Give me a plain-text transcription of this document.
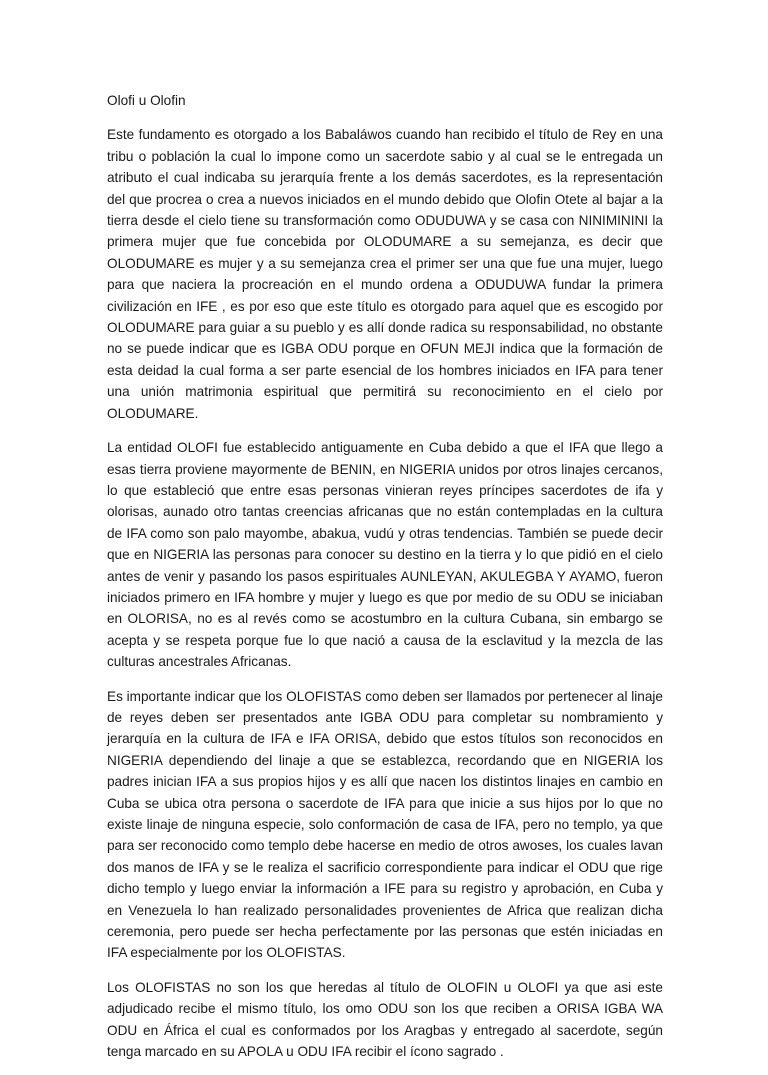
Olofi u Olofin

Este fundamento es otorgado a los Babaláwos cuando han recibido el título de Rey en una tribu o población la cual lo impone como un sacerdote sabio y al cual se le entregada un atributo el cual indicaba su jerarquía frente a los demás sacerdotes, es la representación del que procrea o crea a nuevos iniciados en el mundo debido que Olofin Otete al bajar a la tierra desde el cielo tiene su transformación como ODUDUWA y se casa con NINIMININI la primera mujer que fue concebida por OLODUMARE a su semejanza, es decir que OLODUMARE es mujer y a su semejanza crea el primer ser una que fue una mujer, luego para que naciera la procreación en el mundo ordena a ODUDUWA fundar la primera civilización en IFE , es por eso que este título es otorgado para aquel que es escogido por OLODUMARE para guiar a su pueblo y es allí donde radica su responsabilidad, no obstante no se puede indicar que es IGBA ODU porque en OFUN MEJI indica que la formación de esta deidad la cual forma a ser parte esencial de los hombres iniciados en IFA para tener una unión matrimonia espiritual que permitirá su reconocimiento en el cielo por OLODUMARE.

La entidad OLOFI fue establecido antiguamente en Cuba debido a que el IFA que llego a esas tierra proviene mayormente de BENIN, en NIGERIA unidos por otros linajes cercanos, lo que estableció que entre esas personas vinieran reyes príncipes sacerdotes de ifa y olorisas, aunado otro tantas creencias africanas que no están contempladas en la cultura de IFA como son palo mayombe, abakua, vudú y otras tendencias. También se puede decir que en NIGERIA las personas para conocer su destino en la tierra y lo que pidió en el cielo antes de venir y pasando los pasos espirituales AUNLEYAN, AKULEGBA Y AYAMO, fueron iniciados primero en IFA hombre y mujer y luego es que por medio de su ODU se iniciaban en OLORISA, no es al revés como se acostumbro en la cultura Cubana, sin embargo se acepta y se respeta porque fue lo que nació a causa de la esclavitud y la mezcla de las culturas ancestrales Africanas.

Es importante indicar que los OLOFISTAS como deben ser llamados por pertenecer al linaje de reyes deben ser presentados ante IGBA ODU para completar su nombramiento y jerarquía en la cultura de IFA e IFA ORISA, debido que estos títulos son reconocidos en NIGERIA dependiendo del linaje a que se establezca, recordando que en NIGERIA los padres inician IFA a sus propios hijos y es allí que nacen los distintos linajes en cambio en Cuba se ubica otra persona o sacerdote de IFA para que inicie a sus hijos por lo que no existe linaje de ninguna especie, solo conformación de casa de IFA, pero no templo, ya que para ser reconocido como templo debe hacerse en medio de otros awoses, los cuales lavan dos manos de IFA y se le realiza el sacrificio correspondiente para indicar el ODU que rige dicho templo y luego enviar la información a IFE para su registro y aprobación, en Cuba y en Venezuela lo han realizado personalidades provenientes de Africa que realizan dicha ceremonia, pero puede ser hecha perfectamente por las personas que estén iniciadas en IFA especialmente por los OLOFISTAS.

Los OLOFISTAS no son los que heredas al título de OLOFIN u OLOFI ya que asi este adjudicado recibe el mismo título, los omo ODU son los que reciben a ORISA IGBA WA ODU en África el cual es conformados por los Aragbas y entregado al sacerdote, según tenga marcado en su APOLA u ODU IFA recibir el ícono sagrado .
